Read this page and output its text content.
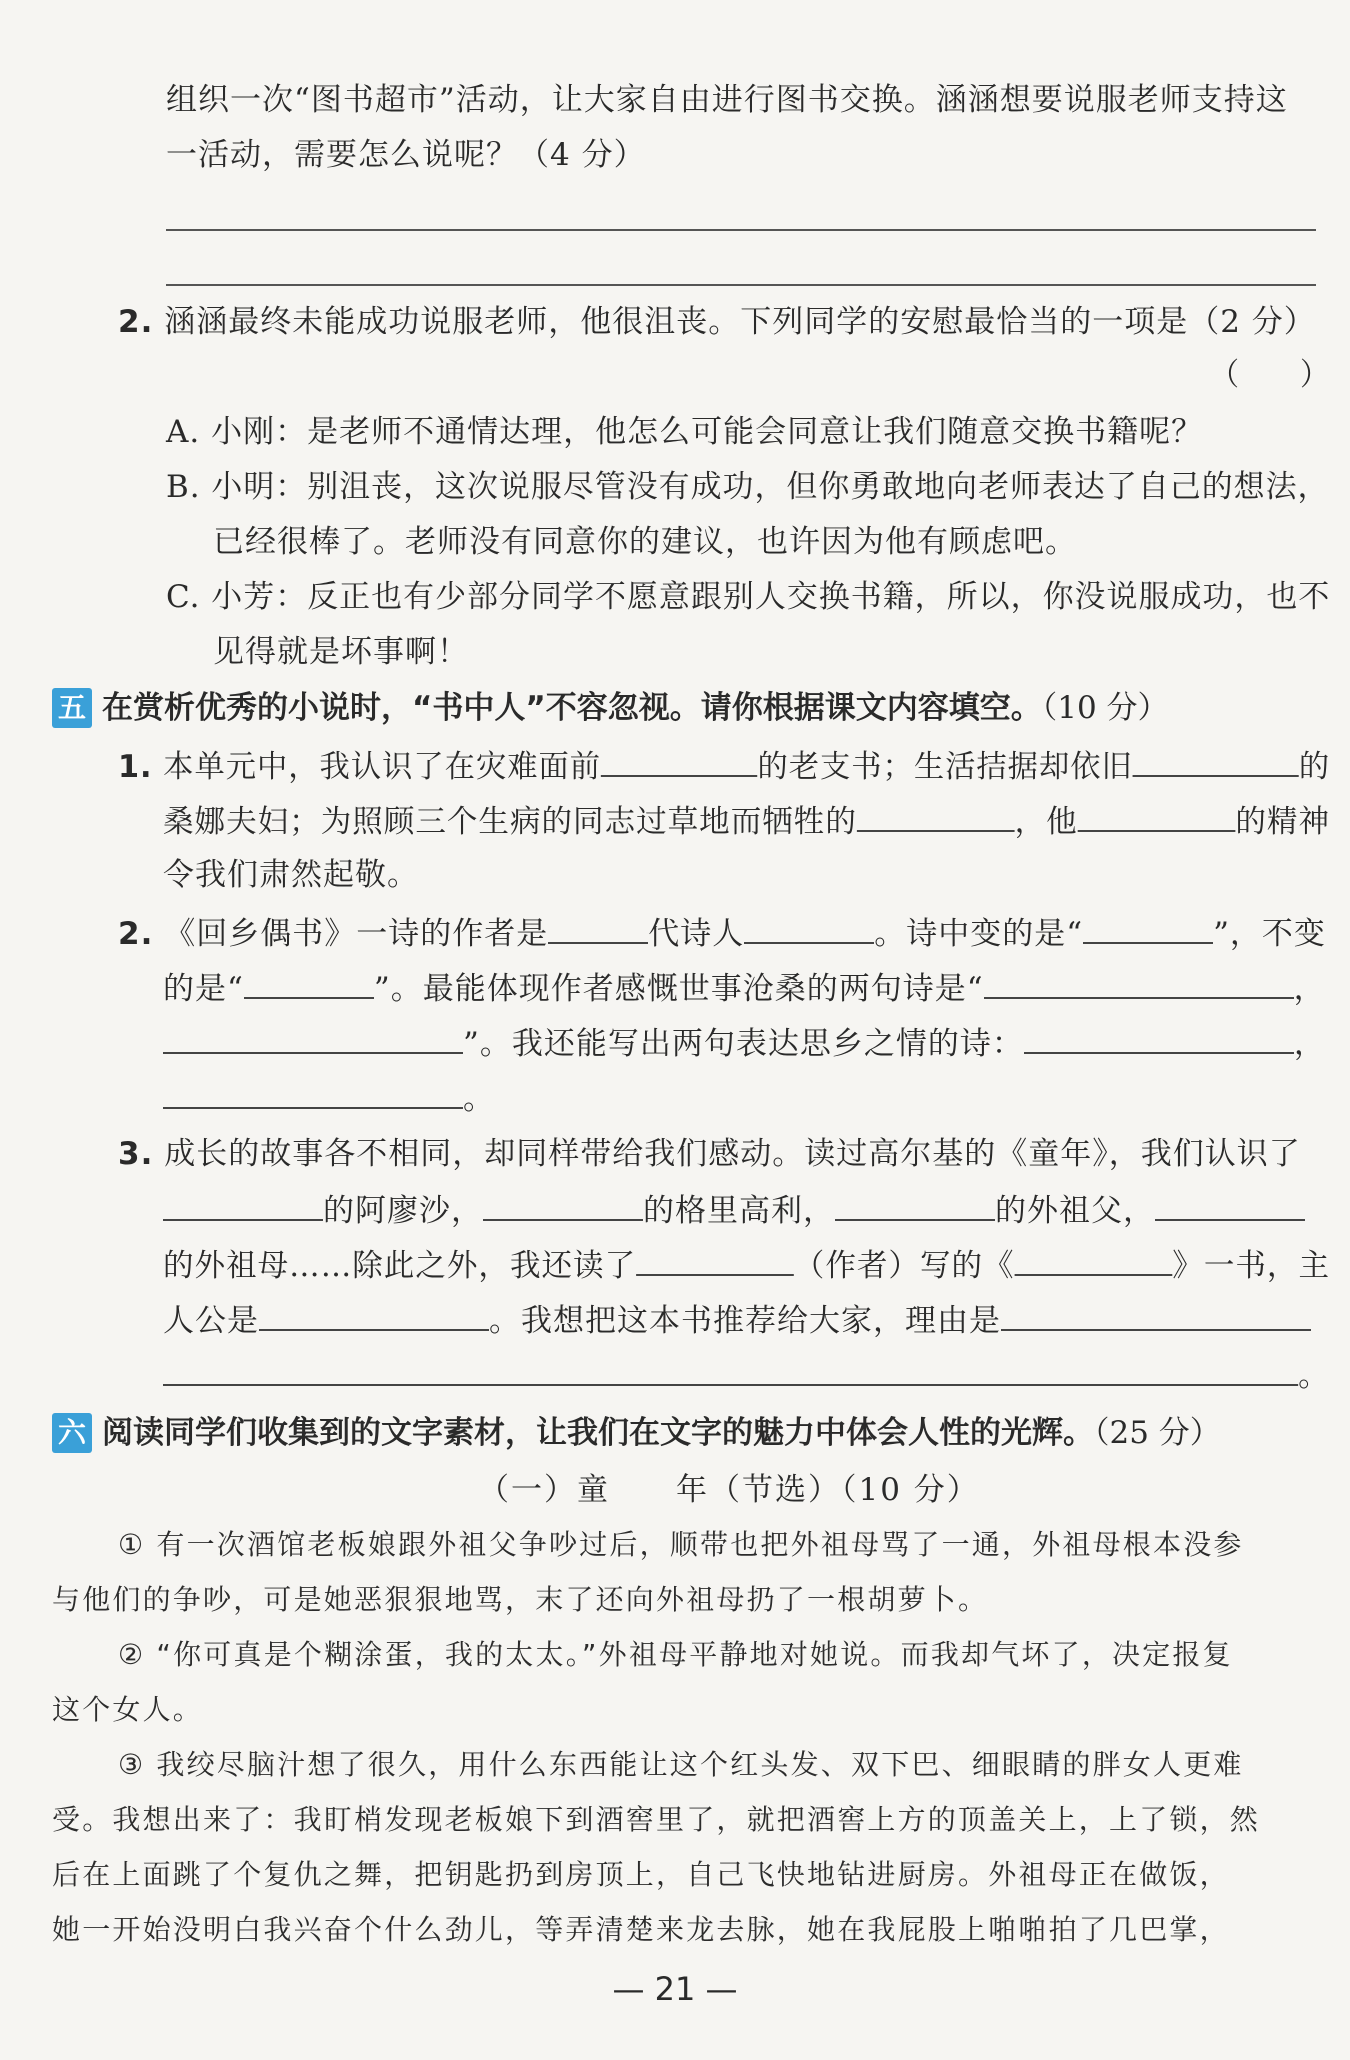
组织一次“图书超市”活动，让大家自由进行图书交换。涵涵想要说服老师支持这
一活动，需要怎么说呢？（4 分）
2. 涵涵最终未能成功说服老师，他很沮丧。下列同学的安慰最恰当的一项是（2 分）
（　　）
A. 小刚：是老师不通情达理，他怎么可能会同意让我们随意交换书籍呢？
B. 小明：别沮丧，这次说服尽管没有成功，但你勇敢地向老师表达了自己的想法，
已经很棒了。老师没有同意你的建议，也许因为他有顾虑吧。
C. 小芳：反正也有少部分同学不愿意跟别人交换书籍，所以，你没说服成功，也不
见得就是坏事啊！
五 在赏析优秀的小说时，“书中人”不容忽视。请你根据课文内容填空。（10 分）
1. 本单元中，我认识了在灾难面前	的老支书；生活拮据却依旧	的
桑娜夫妇；为照顾三个生病的同志过草地而牺牲的	，他	的精神
令我们肃然起敬。
2. 《回乡偶书》一诗的作者是	代诗人	。诗中变的是“	”，不变
的是“	”。最能体现作者感慨世事沧桑的两句诗是“	，
”。我还能写出两句表达思乡之情的诗：	，
。
3. 成长的故事各不相同，却同样带给我们感动。读过高尔基的《童年》，我们认识了
的阿廖沙，	的格里高利，	的外祖父，
的外祖母……除此之外，我还读了	（作者）写的《	》一书，主
人公是	。我想把这本书推荐给大家，理由是
。
六 阅读同学们收集到的文字素材，让我们在文字的魅力中体会人性的光辉。（25 分）
（一）童　　年（节选）（10 分）
① 有一次酒馆老板娘跟外祖父争吵过后，顺带也把外祖母骂了一通，外祖母根本没参
与他们的争吵，可是她恶狠狠地骂，末了还向外祖母扔了一根胡萝卜。
② “你可真是个糊涂蛋，我的太太。”外祖母平静地对她说。而我却气坏了，决定报复
这个女人。
③ 我绞尽脑汁想了很久，用什么东西能让这个红头发、双下巴、细眼睛的胖女人更难
受。我想出来了：我盯梢发现老板娘下到酒窖里了，就把酒窖上方的顶盖关上，上了锁，然
后在上面跳了个复仇之舞，把钥匙扔到房顶上，自己飞快地钻进厨房。外祖母正在做饭，
她一开始没明白我兴奋个什么劲儿，等弄清楚来龙去脉，她在我屁股上啪啪拍了几巴掌，
— 21 —
